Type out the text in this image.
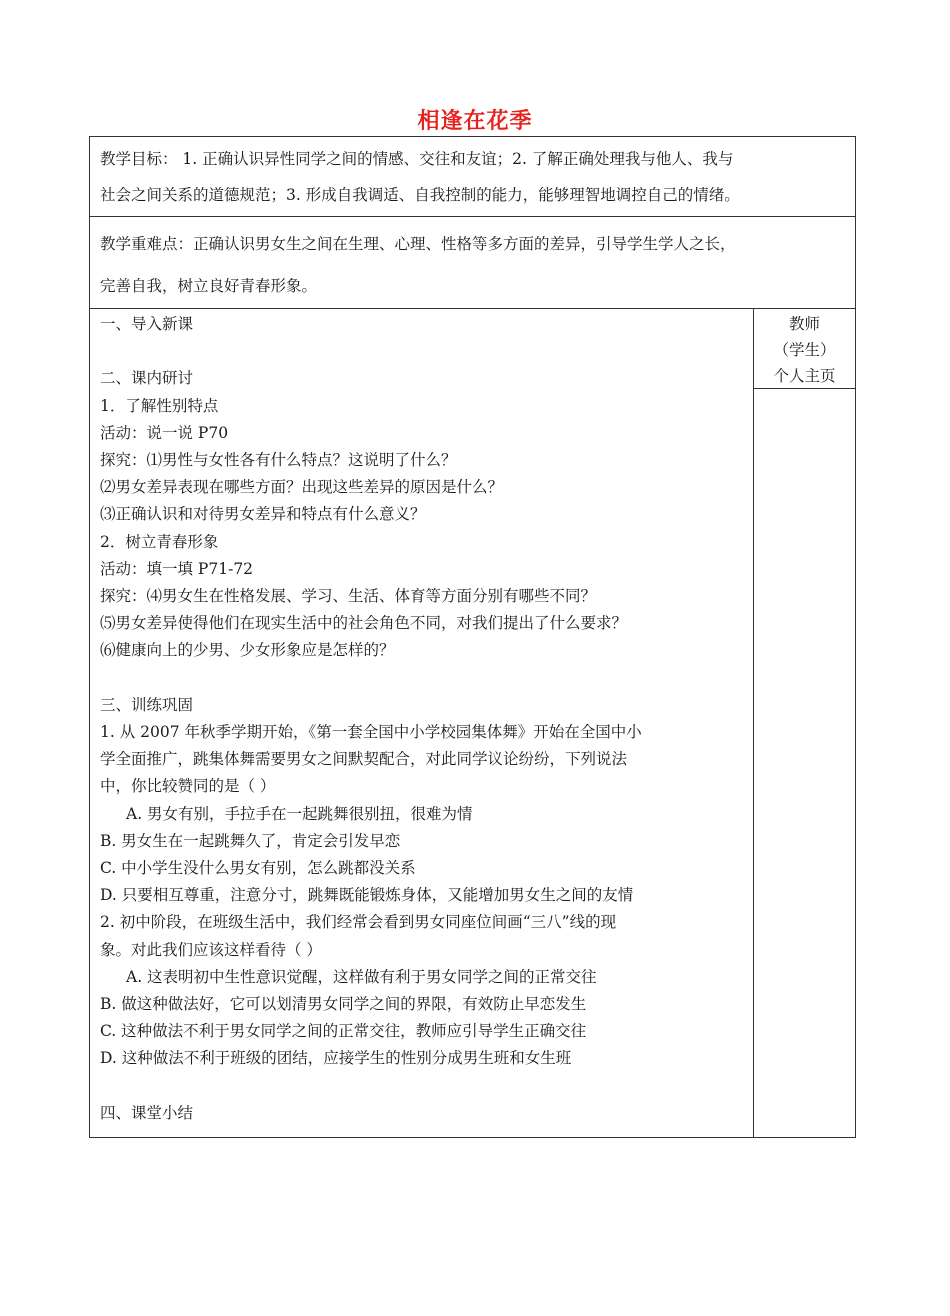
相逢在花季
教学目标： 1. 正确认识异性同学之间的情感、交往和友谊；2. 了解正确处理我与他人、我与
社会之间关系的道德规范；3. 形成自我调适、自我控制的能力，能够理智地调控自己的情绪。
教学重难点：正确认识男女生之间在生理、心理、性格等多方面的差异，引导学生学人之长，
完善自我，树立良好青春形象。
一、导入新课
二、课内研讨
1．了解性别特点
活动：说一说 P70
探究：⑴男性与女性各有什么特点？这说明了什么？
⑵男女差异表现在哪些方面？出现这些差异的原因是什么？
⑶正确认识和对待男女差异和特点有什么意义？
2．树立青春形象
活动：填一填 P71-72
探究：⑷男女生在性格发展、学习、生活、体育等方面分别有哪些不同？
⑸男女差异使得他们在现实生活中的社会角色不同，对我们提出了什么要求？
⑹健康向上的少男、少女形象应是怎样的？
三、训练巩固
1. 从 2007 年秋季学期开始，《第一套全国中小学校园集体舞》开始在全国中小
学全面推广，跳集体舞需要男女之间默契配合，对此同学议论纷纷，下列说法
中，你比较赞同的是（ ）
A. 男女有别，手拉手在一起跳舞很别扭，很难为情
B. 男女生在一起跳舞久了，肯定会引发早恋
C. 中小学生没什么男女有别，怎么跳都没关系
D. 只要相互尊重，注意分寸，跳舞既能锻炼身体，又能增加男女生之间的友情
2. 初中阶段，在班级生活中，我们经常会看到男女同座位间画“三八”线的现
象。对此我们应该这样看待（ ）
A. 这表明初中生性意识觉醒，这样做有利于男女同学之间的正常交往
B. 做这种做法好，它可以划清男女同学之间的界限，有效防止早恋发生
C. 这种做法不利于男女同学之间的正常交往，教师应引导学生正确交往
D. 这种做法不利于班级的团结，应接学生的性别分成男生班和女生班
四、课堂小结
教师
（学生）
个人主页
